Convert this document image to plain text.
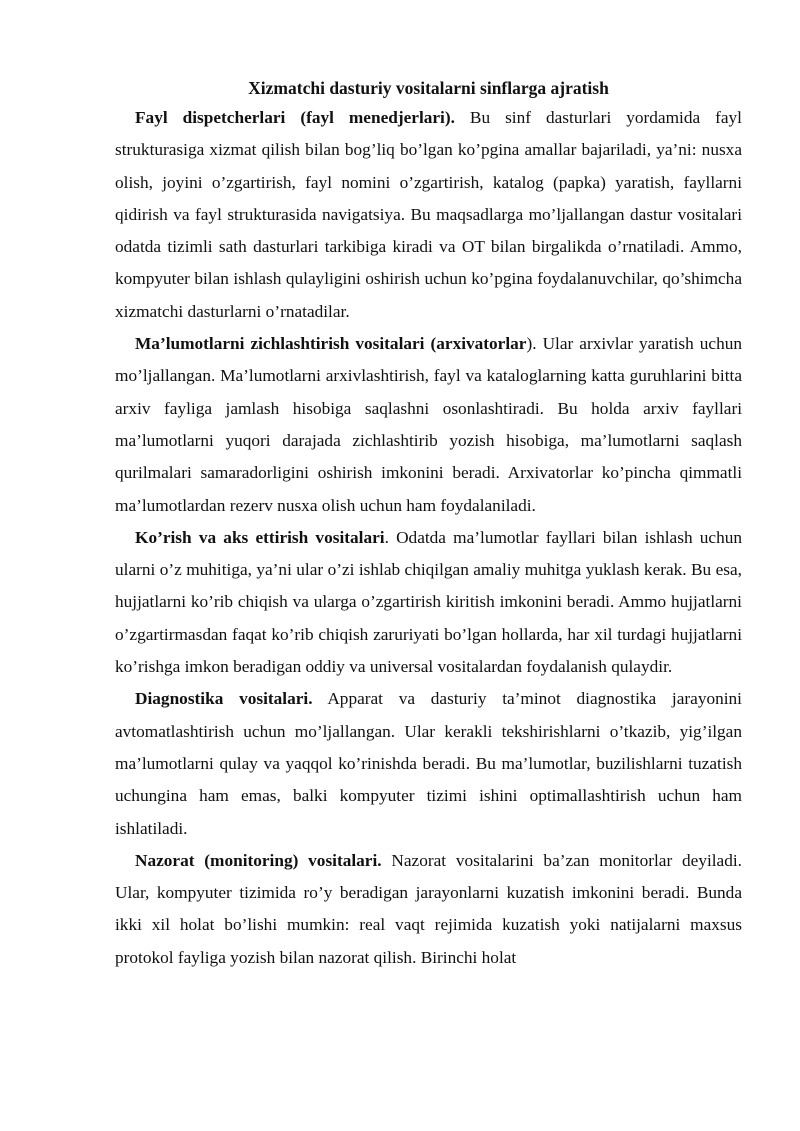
Xizmatchi dasturiy vositalarni sinflarga ajratish

Fayl dispetcherlari (fayl menedjerlari). Bu sinf dasturlari yordamida fayl strukturasiga xizmat qilish bilan bog’liq bo’lgan ko’pgina amallar bajariladi, ya’ni: nusxa olish, joyini o’zgartirish, fayl nomini o’zgartirish, katalog (papka) yaratish, fayllarni qidirish va fayl strukturasida navigatsiya. Bu maqsadlarga mo’ljallangan dastur vositalari odatda tizimli sath dasturlari tarkibiga kiradi va OT bilan birgalikda o’rnatiladi. Ammo, kompyuter bilan ishlash qulayligini oshirish uchun ko’pgina foydalanuvchilar, qo’shimcha xizmatchi dasturlarni o’rnatadilar.

Ma’lumotlarni zichlashtirish vositalari (arxivatorlar). Ular arxivlar yaratish uchun mo’ljallangan. Ma’lumotlarni arxivlashtirish, fayl va kataloglarning katta guruhlarini bitta arxiv fayliga jamlash hisobiga saqlashni osonlashtiradi. Bu holda arxiv fayllari ma’lumotlarni yuqori darajada zichlashtirib yozish hisobiga, ma’lumotlarni saqlash qurilmalari samaradorligini oshirish imkonini beradi. Arxivatorlar ko’pincha qimmatli ma’lumotlardan rezerv nusxa olish uchun ham foydalaniladi.

Ko’rish va aks ettirish vositalari. Odatda ma’lumotlar fayllari bilan ishlash uchun ularni o’z muhitiga, ya’ni ular o’zi ishlab chiqilgan amaliy muhitga yuklash kerak. Bu esa, hujjatlarni ko’rib chiqish va ularga o’zgartirish kiritish imkonini beradi. Ammo hujjatlarni o’zgartirmasdan faqat ko’rib chiqish zaruriyati bo’lgan hollarda, har xil turdagi hujjatlarni ko’rishga imkon beradigan oddiy va universal vositalardan foydalanish qulaydir.

Diagnostika vositalari. Apparat va dasturiy ta’minot diagnostika jarayonini avtomatlashtirish uchun mo’ljallangan. Ular kerakli tekshirishlarni o’tkazib, yig’ilgan ma’lumotlarni qulay va yaqqol ko’rinishda beradi. Bu ma’lumotlar, buzilishlarni tuzatish uchungina ham emas, balki kompyuter tizimi ishini optimallashtirish uchun ham ishlatiladi.

Nazorat (monitoring) vositalari. Nazorat vositalarini ba’zan monitorlar deyiladi. Ular, kompyuter tizimida ro’y beradigan jarayonlarni kuzatish imkonini beradi. Bunda ikki xil holat bo’lishi mumkin: real vaqt rejimida kuzatish yoki natijalarni maxsus protokol fayliga yozish bilan nazorat qilish. Birinchi holat
